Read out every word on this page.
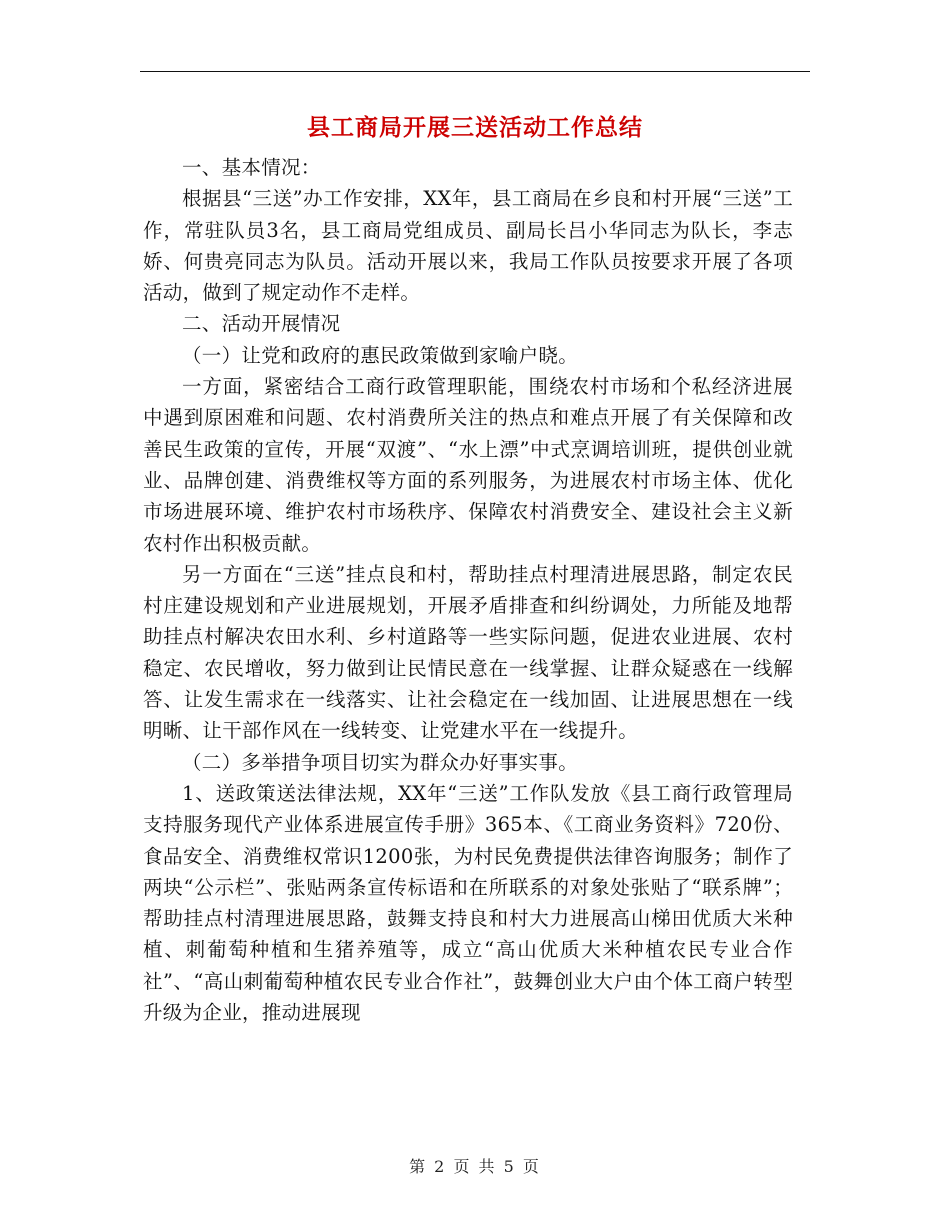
县工商局开展三送活动工作总结

一、基本情况：

根据县“三送”办工作安排，XX年，县工商局在乡良和村开展“三送”工作，常驻队员3名，县工商局党组成员、副局长吕小华同志为队长，李志娇、何贵亮同志为队员。活动开展以来，我局工作队员按要求开展了各项活动，做到了规定动作不走样。

二、活动开展情况

（一）让党和政府的惠民政策做到家喻户晓。

一方面，紧密结合工商行政管理职能，围绕农村市场和个私经济进展中遇到原困难和问题、农村消费所关注的热点和难点开展了有关保障和改善民生政策的宣传，开展“双渡”、“水上漂”中式烹调培训班，提供创业就业、品牌创建、消费维权等方面的系列服务，为进展农村市场主体、优化市场进展环境、维护农村市场秩序、保障农村消费安全、建设社会主义新农村作出积极贡献。

另一方面在“三送”挂点良和村，帮助挂点村理清进展思路，制定农民村庄建设规划和产业进展规划，开展矛盾排查和纠纷调处，力所能及地帮助挂点村解决农田水利、乡村道路等一些实际问题，促进农业进展、农村稳定、农民增收，努力做到让民情民意在一线掌握、让群众疑惑在一线解答、让发生需求在一线落实、让社会稳定在一线加固、让进展思想在一线明晰、让干部作风在一线转变、让党建水平在一线提升。

（二）多举措争项目切实为群众办好事实事。

1、送政策送法律法规，XX年“三送”工作队发放《县工商行政管理局支持服务现代产业体系进展宣传手册》365本、《工商业务资料》720份、食品安全、消费维权常识1200张，为村民免费提供法律咨询服务；制作了两块“公示栏”、张贴两条宣传标语和在所联系的对象处张贴了“联系牌”；帮助挂点村清理进展思路，鼓舞支持良和村大力进展高山梯田优质大米种植、刺葡萄种植和生猪养殖等，成立“高山优质大米种植农民专业合作社”、“高山刺葡萄种植农民专业合作社”，鼓舞创业大户由个体工商户转型升级为企业，推动进展现

第 2 页 共 5 页
